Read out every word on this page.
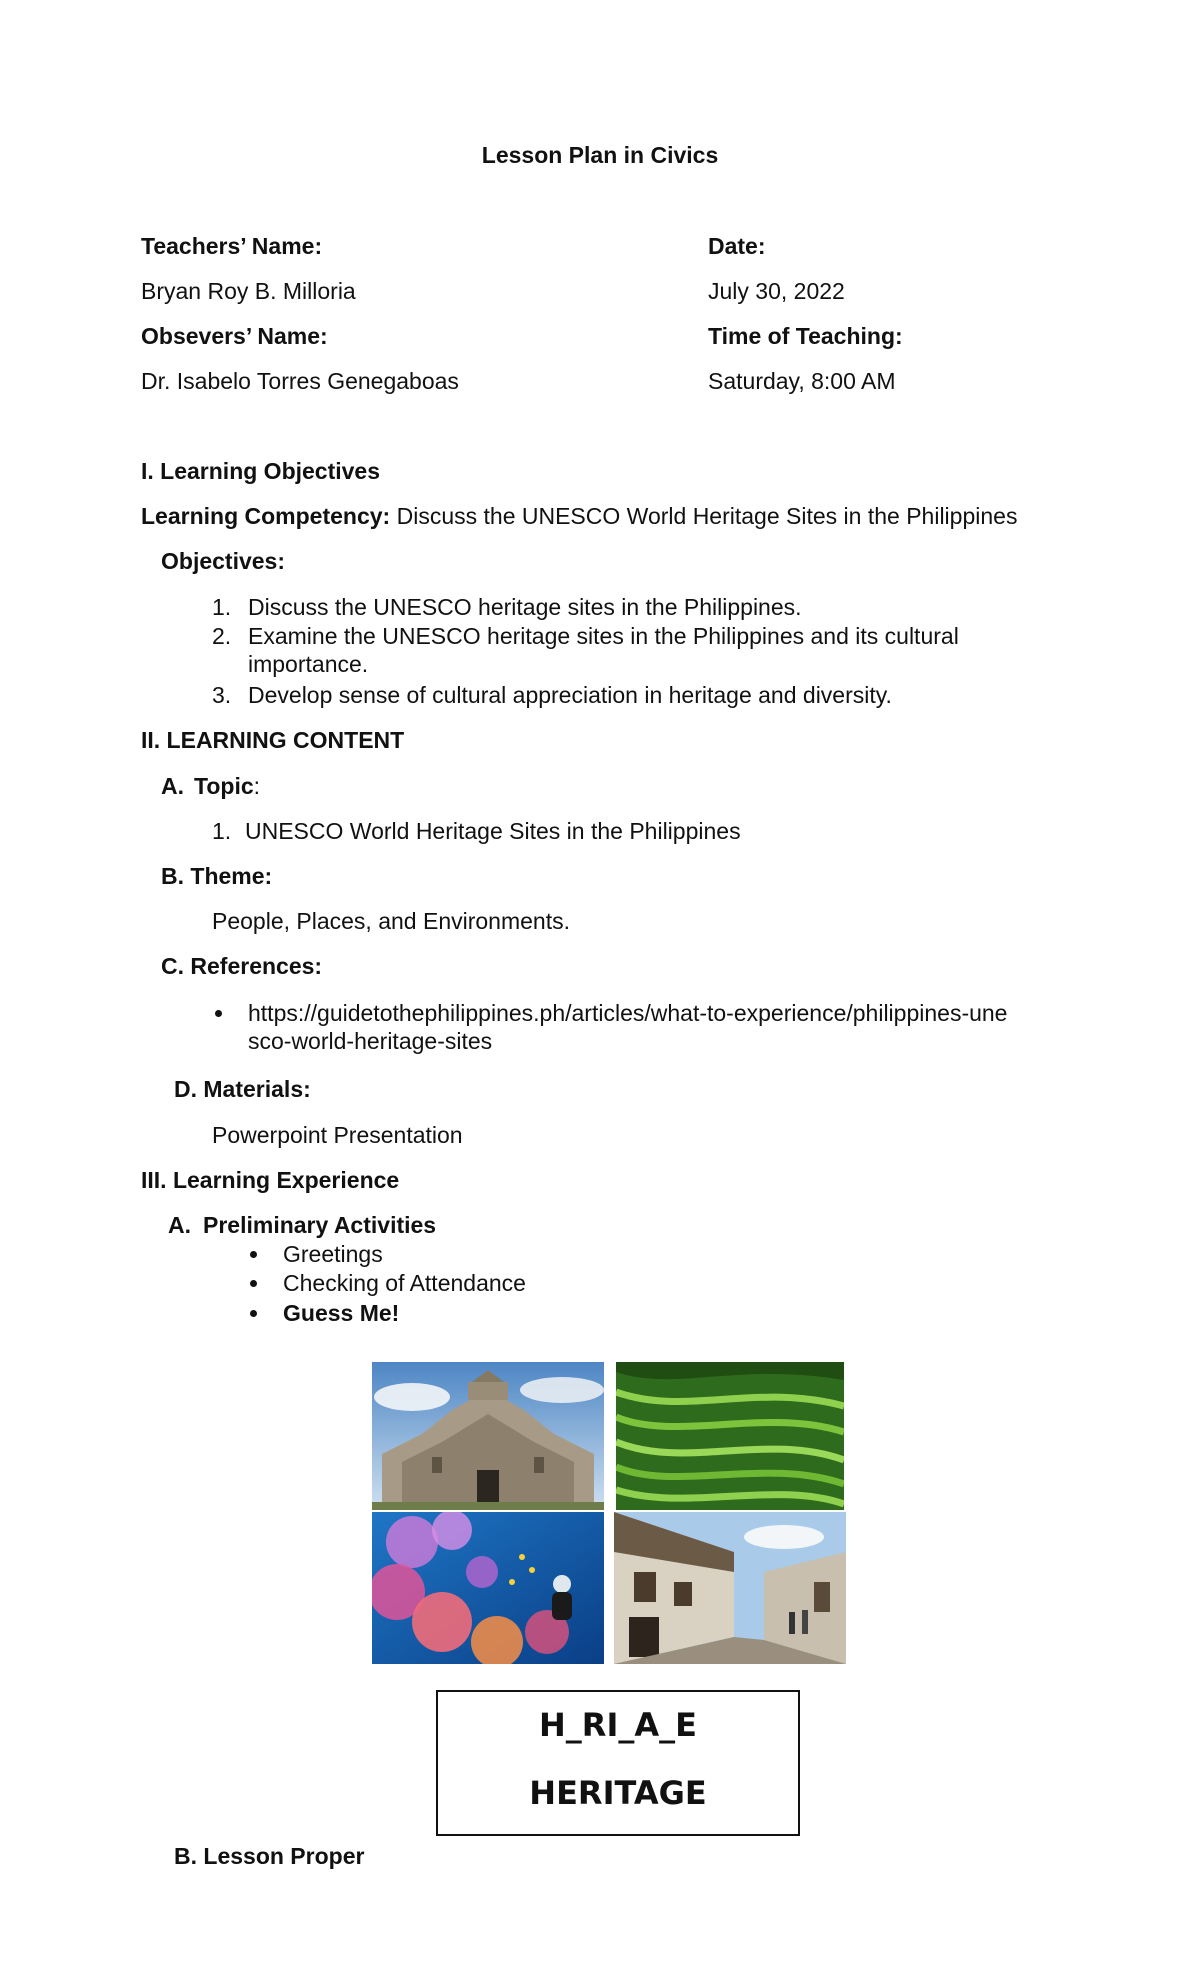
Lesson Plan in Civics
Teachers’ Name:
Bryan Roy B. Milloria
Obsevers’ Name:
Dr. Isabelo Torres Genegaboas
Date:
July 30, 2022
Time of Teaching:
Saturday, 8:00 AM
I. Learning Objectives
Learning Competency: Discuss the UNESCO World Heritage Sites in the Philippines
Objectives:
1. Discuss the UNESCO heritage sites in the Philippines.
2. Examine the UNESCO heritage sites in the Philippines and its cultural importance.
3. Develop sense of cultural appreciation in heritage and diversity.
II. LEARNING CONTENT
A. Topic:
1. UNESCO World Heritage Sites in the Philippines
B. Theme:
People, Places, and Environments.
C. References:
https://guidetothephilippines.ph/articles/what-to-experience/philippines-unesco-world-heritage-sites
D. Materials:
Powerpoint Presentation
III. Learning Experience
A. Preliminary Activities
Greetings
Checking of Attendance
Guess Me!
H_RI_A_E
HERITAGE
B. Lesson Proper
